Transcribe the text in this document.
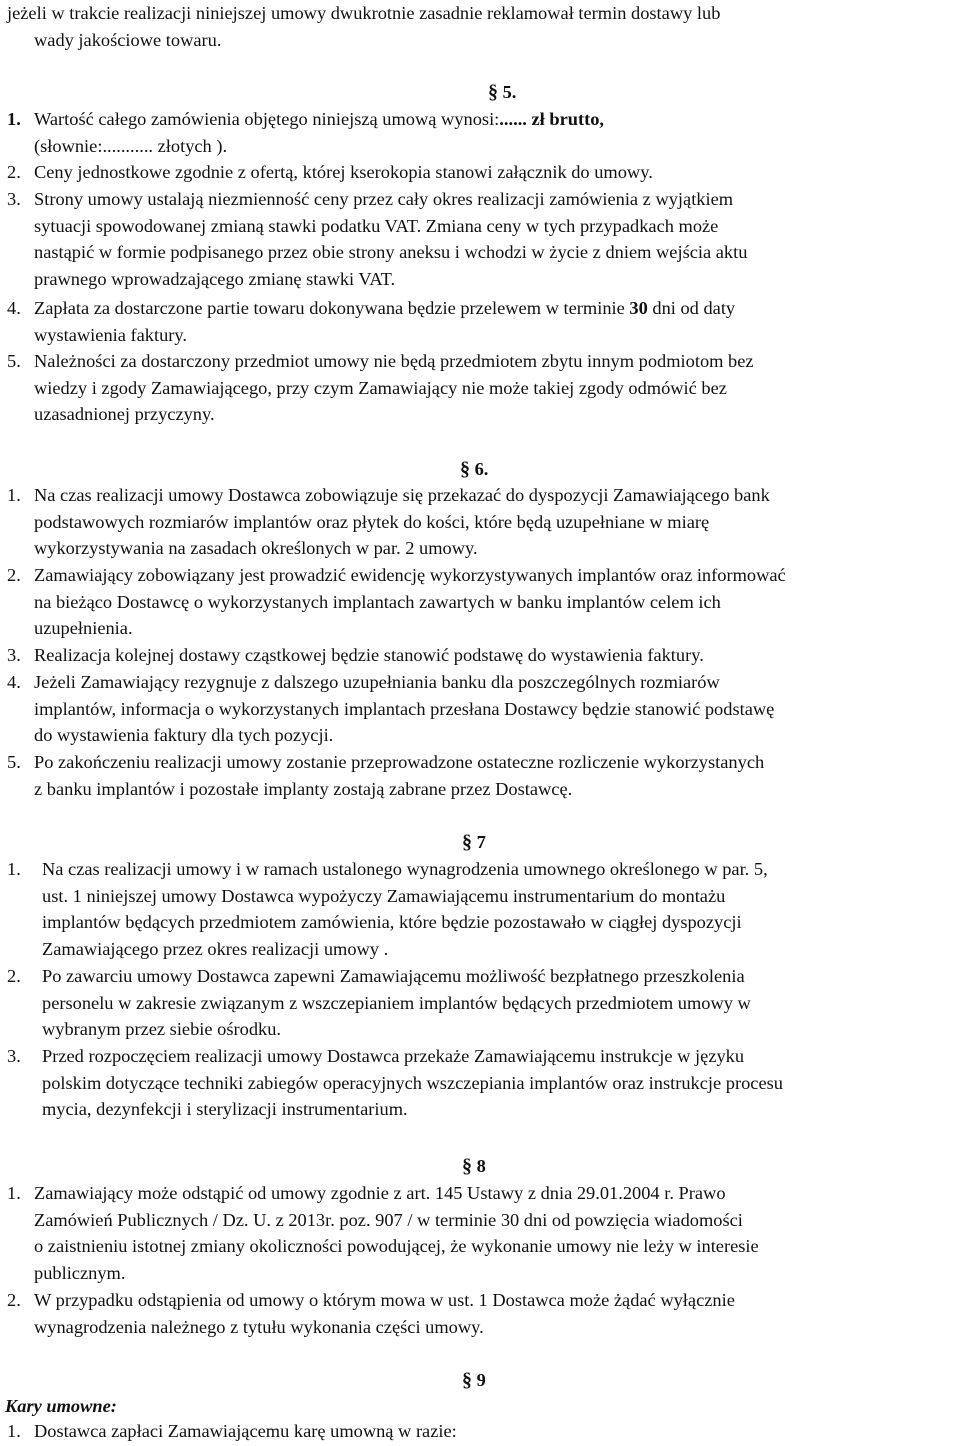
jeżeli w trakcie realizacji niniejszej umowy dwukrotnie zasadnie reklamował termin dostawy lub
wady jakościowe towaru.
§ 5.
1. Wartość całego zamówienia objętego niniejszą umową wynosi:...... zł brutto,
(słownie:........... złotych ).
2. Ceny jednostkowe zgodnie z ofertą, której kserokopia stanowi załącznik do umowy.
3. Strony umowy ustalają niezmienność ceny przez cały okres realizacji zamówienia z wyjątkiem
sytuacji spowodowanej zmianą stawki podatku VAT. Zmiana ceny w tych przypadkach może
nastąpić w formie podpisanego przez obie strony aneksu i wchodzi w życie z dniem wejścia aktu
prawnego wprowadzającego zmianę stawki VAT.
4. Zapłata za dostarczone partie towaru dokonywana będzie przelewem w terminie 30 dni od daty
wystawienia faktury.
5. Należności za dostarczony przedmiot umowy nie będą przedmiotem zbytu innym podmiotom bez
wiedzy i zgody Zamawiającego, przy czym Zamawiający nie może takiej zgody odmówić bez
uzasadnionej przyczyny.
§ 6.
1. Na czas realizacji umowy Dostawca zobowiązuje się przekazać do dyspozycji Zamawiającego bank
podstawowych rozmiarów implantów oraz płytek do kości, które będą uzupełniane w miarę
wykorzystywania na zasadach określonych w par. 2 umowy.
2. Zamawiający zobowiązany jest prowadzić ewidencję wykorzystywanych implantów oraz informować
na bieżąco Dostawcę o wykorzystanych implantach zawartych w banku implantów celem ich
uzupełnienia.
3. Realizacja kolejnej dostawy cząstkowej będzie stanowić podstawę do wystawienia faktury.
4. Jeżeli Zamawiający rezygnuje z dalszego uzupełniania banku dla poszczególnych rozmiarów
implantów, informacja o wykorzystanych implantach przesłana Dostawcy będzie stanowić podstawę
do wystawienia faktury dla tych pozycji.
5. Po zakończeniu realizacji umowy zostanie przeprowadzone ostateczne rozliczenie wykorzystanych
z banku implantów i pozostałe implanty zostają zabrane przez Dostawcę.
§ 7
1. Na czas realizacji umowy i w ramach ustalonego wynagrodzenia umownego określonego w par. 5,
ust. 1 niniejszej umowy Dostawca wypożyczy Zamawiającemu instrumentarium do montażu
implantów będących przedmiotem zamówienia, które będzie pozostawało w ciągłej dyspozycji
Zamawiającego przez okres realizacji umowy .
2. Po zawarciu umowy Dostawca zapewni Zamawiającemu możliwość bezpłatnego przeszkolenia
personelu w zakresie związanym z wszczepianiem implantów będących przedmiotem umowy w
wybranym przez siebie ośrodku.
3. Przed rozpoczęciem realizacji umowy Dostawca przekaże Zamawiającemu instrukcje w języku
polskim dotyczące techniki zabiegów operacyjnych wszczepiania implantów oraz instrukcje procesu
mycia, dezynfekcji i sterylizacji instrumentarium.
§ 8
1. Zamawiający może odstąpić od umowy zgodnie z art. 145 Ustawy z dnia 29.01.2004 r. Prawo
Zamówień Publicznych / Dz. U. z 2013r. poz. 907 / w terminie 30 dni od powzięcia wiadomości
o zaistnieniu istotnej zmiany okoliczności powodującej, że wykonanie umowy nie leży w interesie
publicznym.
2. W przypadku odstąpienia od umowy o którym mowa w ust. 1 Dostawca może żądać wyłącznie
wynagrodzenia należnego z tytułu wykonania części umowy.
§ 9
Kary umowne:
1. Dostawca zapłaci Zamawiającemu karę umowną w razie:
